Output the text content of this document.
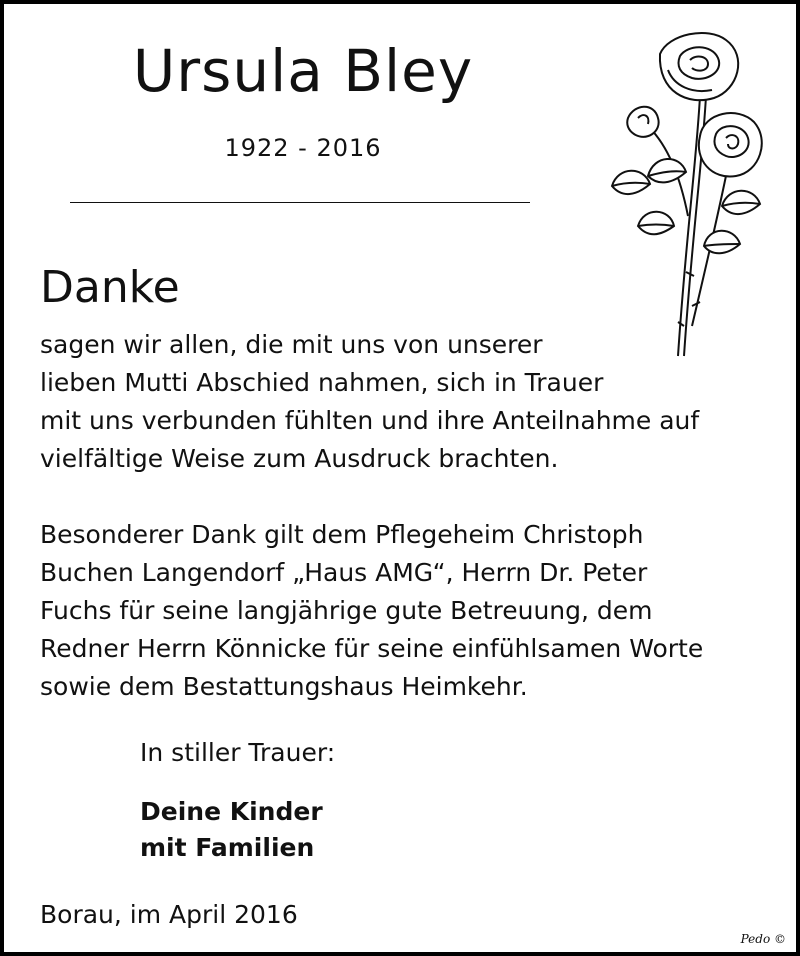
Ursula Bley
1922 - 2016
Danke
sagen wir allen, die mit uns von unserer
lieben Mutti Abschied nahmen, sich in Trauer
mit uns verbunden fühlten und ihre Anteilnahme auf
vielfältige Weise zum Ausdruck brachten.
Besonderer Dank gilt dem Pflegeheim Christoph
Buchen Langendorf „Haus AMG“, Herrn Dr. Peter
Fuchs für seine langjährige gute Betreuung, dem
Redner Herrn Könnicke für seine einfühlsamen Worte
sowie dem Bestattungshaus Heimkehr.
In stiller Trauer:
Deine Kinder
mit Familien
Borau, im April 2016
Pedo ©
